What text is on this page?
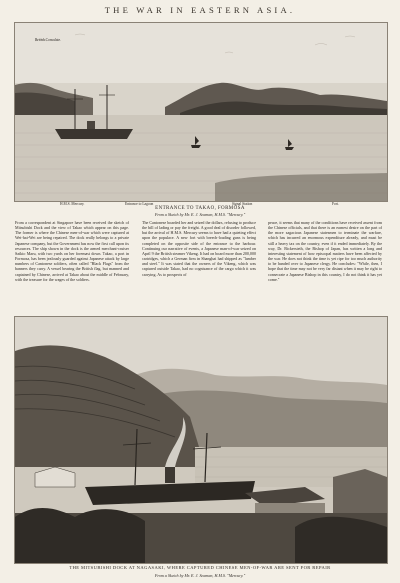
THE WAR IN EASTERN ASIA.
British Consulate.
H.M.S. Mercury.	Entrance to Lagoon	Signal Station	Fort.
ENTRANCE TO TAKAO, FORMOSA
From a Sketch by Mr. E. J. Seaman, H.M.S. "Mercury."
From a correspondent at Singapore have been received the sketch of Mitsubishi Dock and the view of Takao which appear on this page. The former is where the Chinese men-of-war which were captured at Wei-hai-Wei are being repaired. The dock really belongs to a private Japanese company, but the Government has now the first call upon its resources. The ship shown in the dock is the armed merchant-cruiser Saikio Maru, with two yards on her foremast down. Takao, a port in Formosa, has been jealously guarded against Japanese attack by large numbers of Cantonese soldiers, often called "Black Flags" from the banners they carry. A vessel bearing the British flag, but manned and captained by Chinese, arrived at Takao about the middle of February, with the treasure for the wages of the soldiers.
The Cantonese boarded her and seized the dollars, refusing to produce the bill of lading or pay the freight. A good deal of disorder followed, but the arrival of H.M.S. Mercury seems to have had a quieting effect upon the populace. A new fort with breech-loading guns is being completed on the opposite side of the entrance to the harbour. Continuing our narrative of events, a Japanese man-of-war seized on April 9 the British steamer Vikeng. It had on board more than 200,000 cartridges, which a German firm in Shanghai had shipped as "lamber and steel." It was stated that the owners of the Vikeng, which was captured outside Takao, had no cognisance of the cargo which it was carrying. As to prospects of
peace, it seems that many of the conditions have received assent from the Chinese officials, and that there is an earnest desire on the part of the more sagacious Japanese statesmen to terminate the warfare, which has incurred an enormous expenditure already, and must be still a heavy tax on the country, even if it ended immediately. By the way, Dr. Bickersteth, the Bishop of Japan, has written a long and interesting statement of how episcopal matters have been affected by the war. He does not think the time is yet ripe for too much authority to be handed over to Japanese clergy. He concludes: "While, then, I hope that the time may not be very far distant when it may be right to consecrate a Japanese Bishop in this country, I do not think it has yet come."
THE MITSUBISHI DOCK AT NAGASAKI, WHERE CAPTURED CHINESE MEN-OF-WAR ARE SENT FOR REPAIR
From a Sketch by Mr. E. J. Seaman, H.M.S. "Mercury."
